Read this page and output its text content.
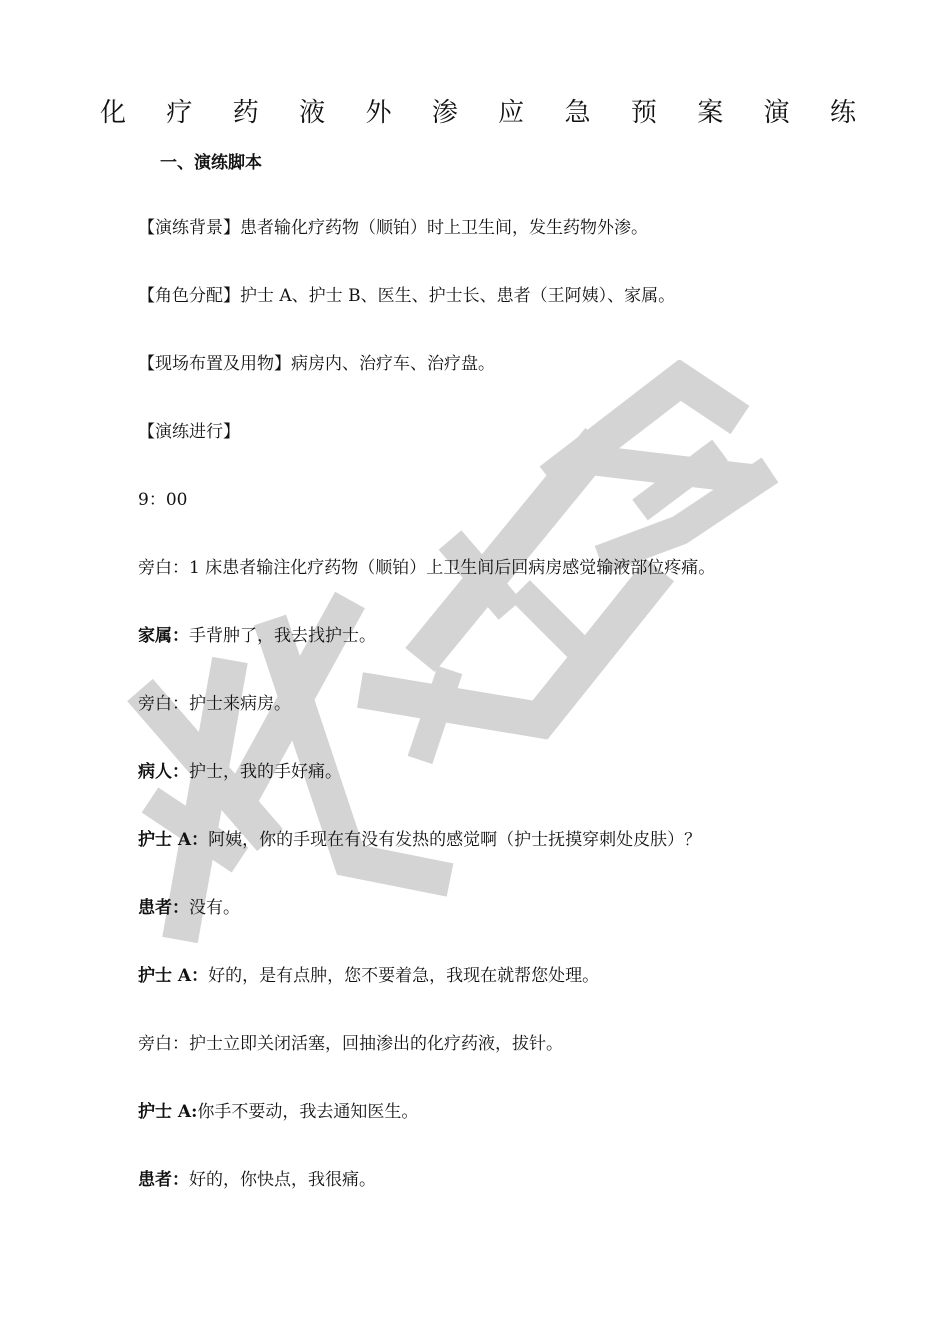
化 疗 药 液 外 渗 应 急 预 案 演 练
一、演练脚本
【演练背景】患者输化疗药物（顺铂）时上卫生间，发生药物外渗。
【角色分配】护士 A、护士 B、医生、护士长、患者（王阿姨）、家属。
【现场布置及用物】病房内、治疗车、治疗盘。
【演练进行】
9：00
旁白：1 床患者输注化疗药物（顺铂）上卫生间后回病房感觉输液部位疼痛。
家属：手背肿了，我去找护士。
旁白：护士来病房。
病人：护士，我的手好痛。
护士 A：阿姨，你的手现在有没有发热的感觉啊（护士抚摸穿刺处皮肤）？
患者：没有。
护士 A：好的，是有点肿，您不要着急，我现在就帮您处理。
旁白：护士立即关闭活塞，回抽渗出的化疗药液，拔针。
护士 A:你手不要动，我去通知医生。
患者：好的，你快点，我很痛。
